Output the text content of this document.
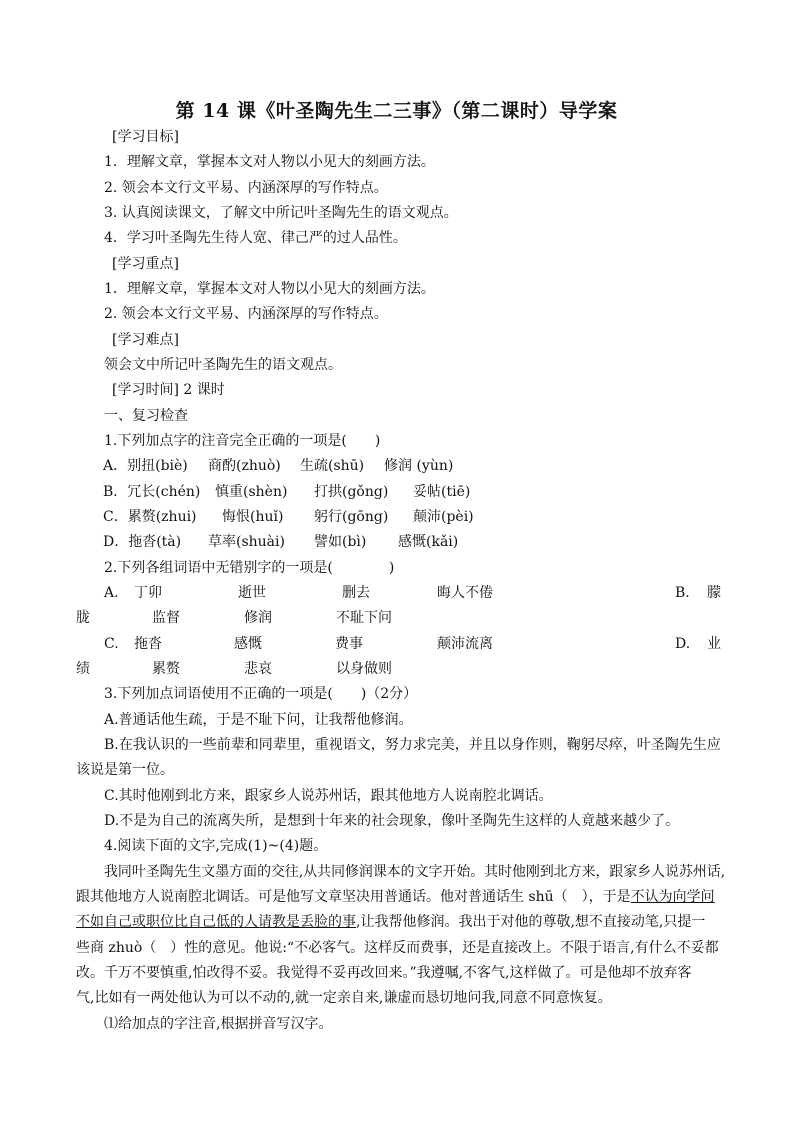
第 14 课《叶圣陶先生二三事》（第二课时）导学案
[学习目标]
1．理解文章，掌握本文对人物以小见大的刻画方法。
2. 领会本文行文平易、内涵深厚的写作特点。
3. 认真阅读课文，了解文中所记叶圣陶先生的语文观点。
4．学习叶圣陶先生待人宽、律己严的过人品性。
[学习重点]
1．理解文章，掌握本文对人物以小见大的刻画方法。
2. 领会本文行文平易、内涵深厚的写作特点。
[学习难点]
领会文中所记叶圣陶先生的语文观点。
[学习时间] 2 课时
一、复习检查
1.下列加点字的注音完全正确的一项是(　　)
A．别扭(biè) 商酌(zhuò) 生疏(shū) 修润 (yùn)
B．冗长(chén) 慎重(shèn) 打拱(gǒng) 妥帖(tiē)
C．累赘(zhui) 悔恨(huǐ) 躬行(gōng) 颠沛(pèi)
D．拖沓(tà) 草率(shuài) 譬如(bì) 感慨(kǎi)
2.下列各组词语中无错别字的一项是(　　　　)
A. 丁卯	逝世	删去	晦人不倦	B. 朦
胧	监督	修润	不耻下问
C. 拖沓	感慨	费事	颠沛流离	D. 业
绩	累赘	悲哀	以身做则
3.下列加点词语使用不正确的一项是(　　)（2分）
A.普通话他生疏，于是不耻下问，让我帮他修润。
B.在我认识的一些前辈和同辈里，重视语文，努力求完美，并且以身作则，鞠躬尽瘁，叶圣陶先生应
该说是第一位。
C.其时他刚到北方来，跟家乡人说苏州话，跟其他地方人说南腔北调话。
D.不是为自己的流离失所，是想到十年来的社会现象，像叶圣陶先生这样的人竟越来越少了。
4.阅读下面的文字,完成(1)~(4)题。
我同叶圣陶先生文墨方面的交往,从共同修润课本的文字开始。其时他刚到北方来，跟家乡人说苏州话,
跟其他地方人说南腔北调话。可是他写文章坚决用普通话。他对普通话生 shū（　），于是不认为向学问
不如自己或职位比自己低的人请教是丢脸的事,让我帮他修润。我出于对他的尊敬,想不直接动笔,只提一
些商 zhuò（　）性的意见。他说:“不必客气。这样反而费事，还是直接改上。不限于语言,有什么不妥都
改。千万不要慎重,怕改得不妥。我觉得不妥再改回来。”我遵嘱,不客气,这样做了。可是他却不放弃客
气,比如有一两处他认为可以不动的,就一定亲自来,谦虚而恳切地问我,同意不同意恢复。
⑴给加点的字注音,根据拼音写汉字。
